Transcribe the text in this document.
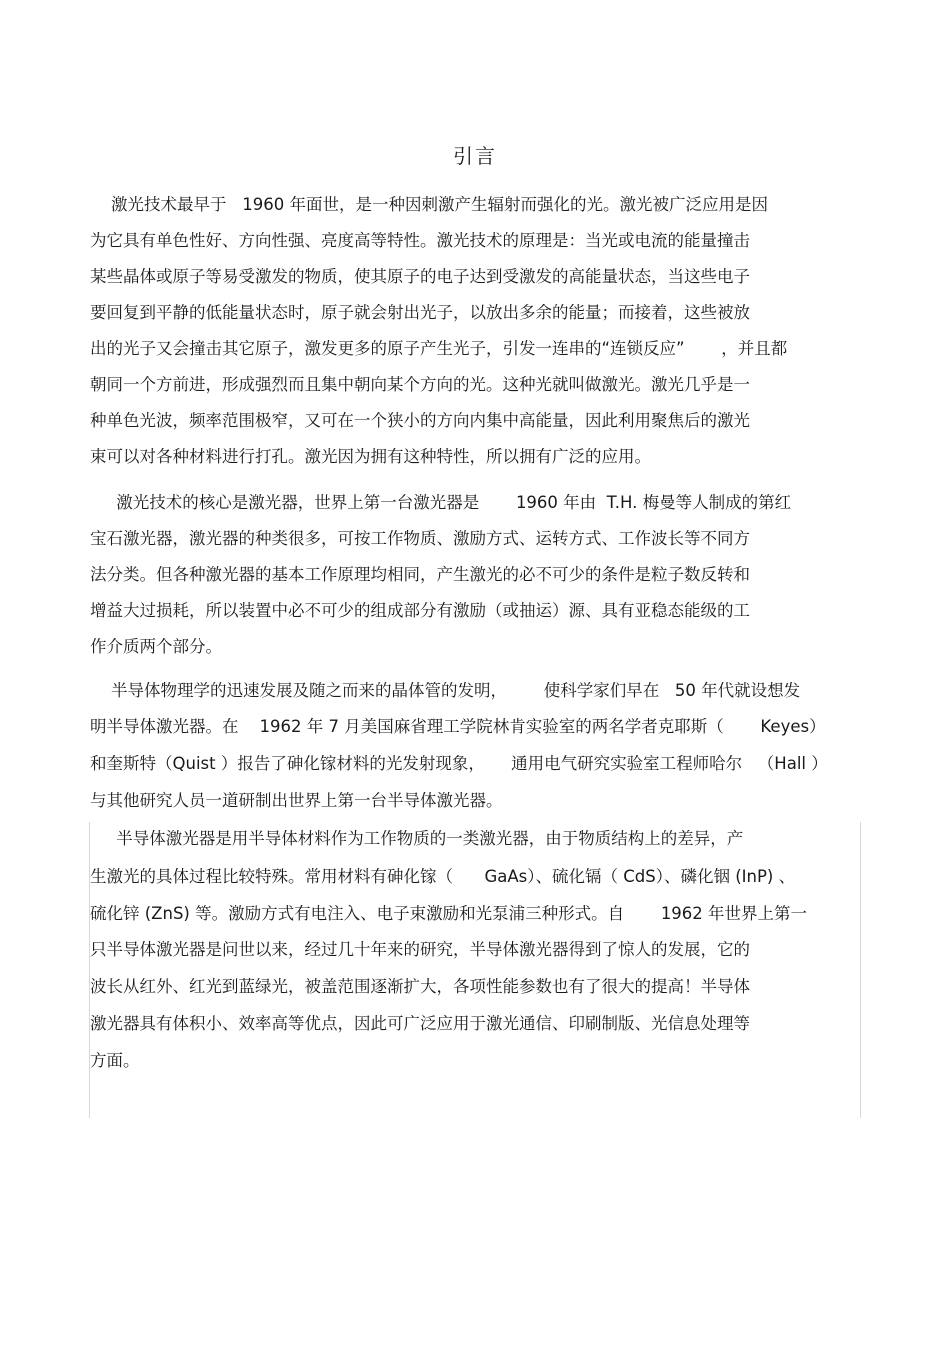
引言
激光技术最早于   1960 年面世，是一种因刺激产生辐射而强化的光。激光被广泛应用是因
为它具有单色性好、方向性强、亮度高等特性。激光技术的原理是：当光或电流的能量撞击
某些晶体或原子等易受激发的物质，使其原子的电子达到受激发的高能量状态，当这些电子
要回复到平静的低能量状态时，原子就会射出光子，以放出多余的能量；而接着，这些被放
出的光子又会撞击其它原子，激发更多的原子产生光子，引发一连串的“连锁反应”       ，并且都
朝同一个方前进，形成强烈而且集中朝向某个方向的光。这种光就叫做激光。激光几乎是一
种单色光波，频率范围极窄，又可在一个狭小的方向内集中高能量，因此利用聚焦后的激光
束可以对各种材料进行打孔。激光因为拥有这种特性，所以拥有广泛的应用。
激光技术的核心是激光器，世界上第一台激光器是       1960 年由  T.H. 梅曼等人制成的第红
宝石激光器，激光器的种类很多，可按工作物质、激励方式、运转方式、工作波长等不同方
法分类。但各种激光器的基本工作原理均相同，产生激光的必不可少的条件是粒子数反转和
增益大过损耗，所以装置中必不可少的组成部分有激励（或抽运）源、具有亚稳态能级的工
作介质两个部分。
半导体物理学的迅速发展及随之而来的晶体管的发明，       使科学家们早在   50 年代就设想发
明半导体激光器。在    1962 年 7 月美国麻省理工学院林肯实验室的两名学者克耶斯（       Keyes）
和奎斯特（Quist ）报告了砷化镓材料的光发射现象，     通用电气研究实验室工程师哈尔   （Hall ）
与其他研究人员一道研制出世界上第一台半导体激光器。
半导体激光器是用半导体材料作为工作物质的一类激光器，由于物质结构上的差异，产
生激光的具体过程比较特殊。常用材料有砷化镓（      GaAs）、硫化镉（ CdS）、磷化铟 (InP) 、
硫化锌 (ZnS) 等。激励方式有电注入、电子束激励和光泵浦三种形式。自       1962 年世界上第一
只半导体激光器是问世以来，经过几十年来的研究，半导体激光器得到了惊人的发展，它的
波长从红外、红光到蓝绿光，被盖范围逐渐扩大，各项性能参数也有了很大的提高！半导体
激光器具有体积小、效率高等优点，因此可广泛应用于激光通信、印刷制版、光信息处理等
方面。
